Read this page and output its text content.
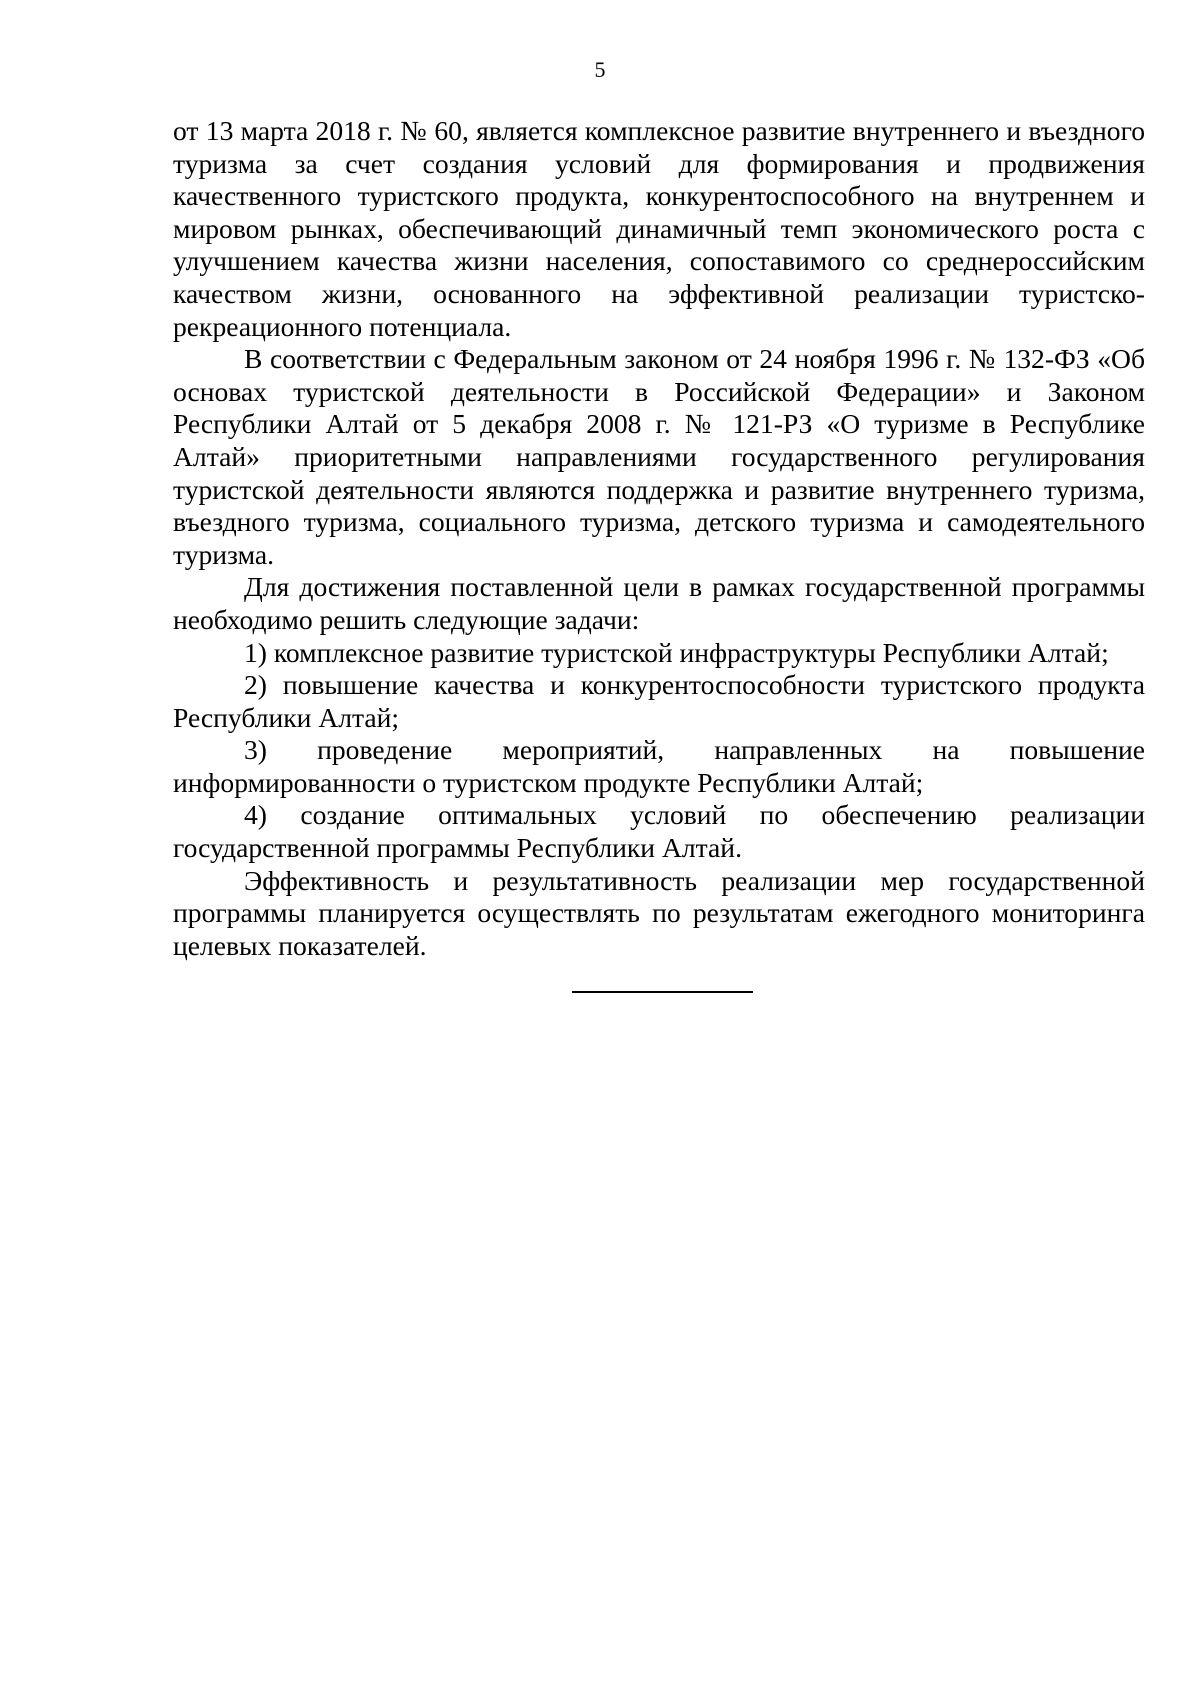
5

от 13 марта 2018 г. № 60, является комплексное развитие внутреннего и въездного туризма за счет создания условий для формирования и продвижения качественного туристского продукта, конкурентоспособного на внутреннем и мировом рынках, обеспечивающий динамичный темп экономического роста с улучшением качества жизни населения, сопоставимого со среднероссийским качеством жизни, основанного на эффективной реализации туристско-рекреационного потенциала.

В соответствии с Федеральным законом от 24 ноября 1996 г. № 132-ФЗ «Об основах туристской деятельности в Российской Федерации» и Законом Республики Алтай от 5 декабря 2008 г. № 121-РЗ «О туризме в Республике Алтай» приоритетными направлениями государственного регулирования туристской деятельности являются поддержка и развитие внутреннего туризма, въездного туризма, социального туризма, детского туризма и самодеятельного туризма.

Для достижения поставленной цели в рамках государственной программы необходимо решить следующие задачи:

1) комплексное развитие туристской инфраструктуры Республики Алтай;

2) повышение качества и конкурентоспособности туристского продукта Республики Алтай;

3) проведение мероприятий, направленных на повышение информированности о туристском продукте Республики Алтай;

4) создание оптимальных условий по обеспечению реализации государственной программы Республики Алтай.

Эффективность и результативность реализации мер государственной программы планируется осуществлять по результатам ежегодного мониторинга целевых показателей.
